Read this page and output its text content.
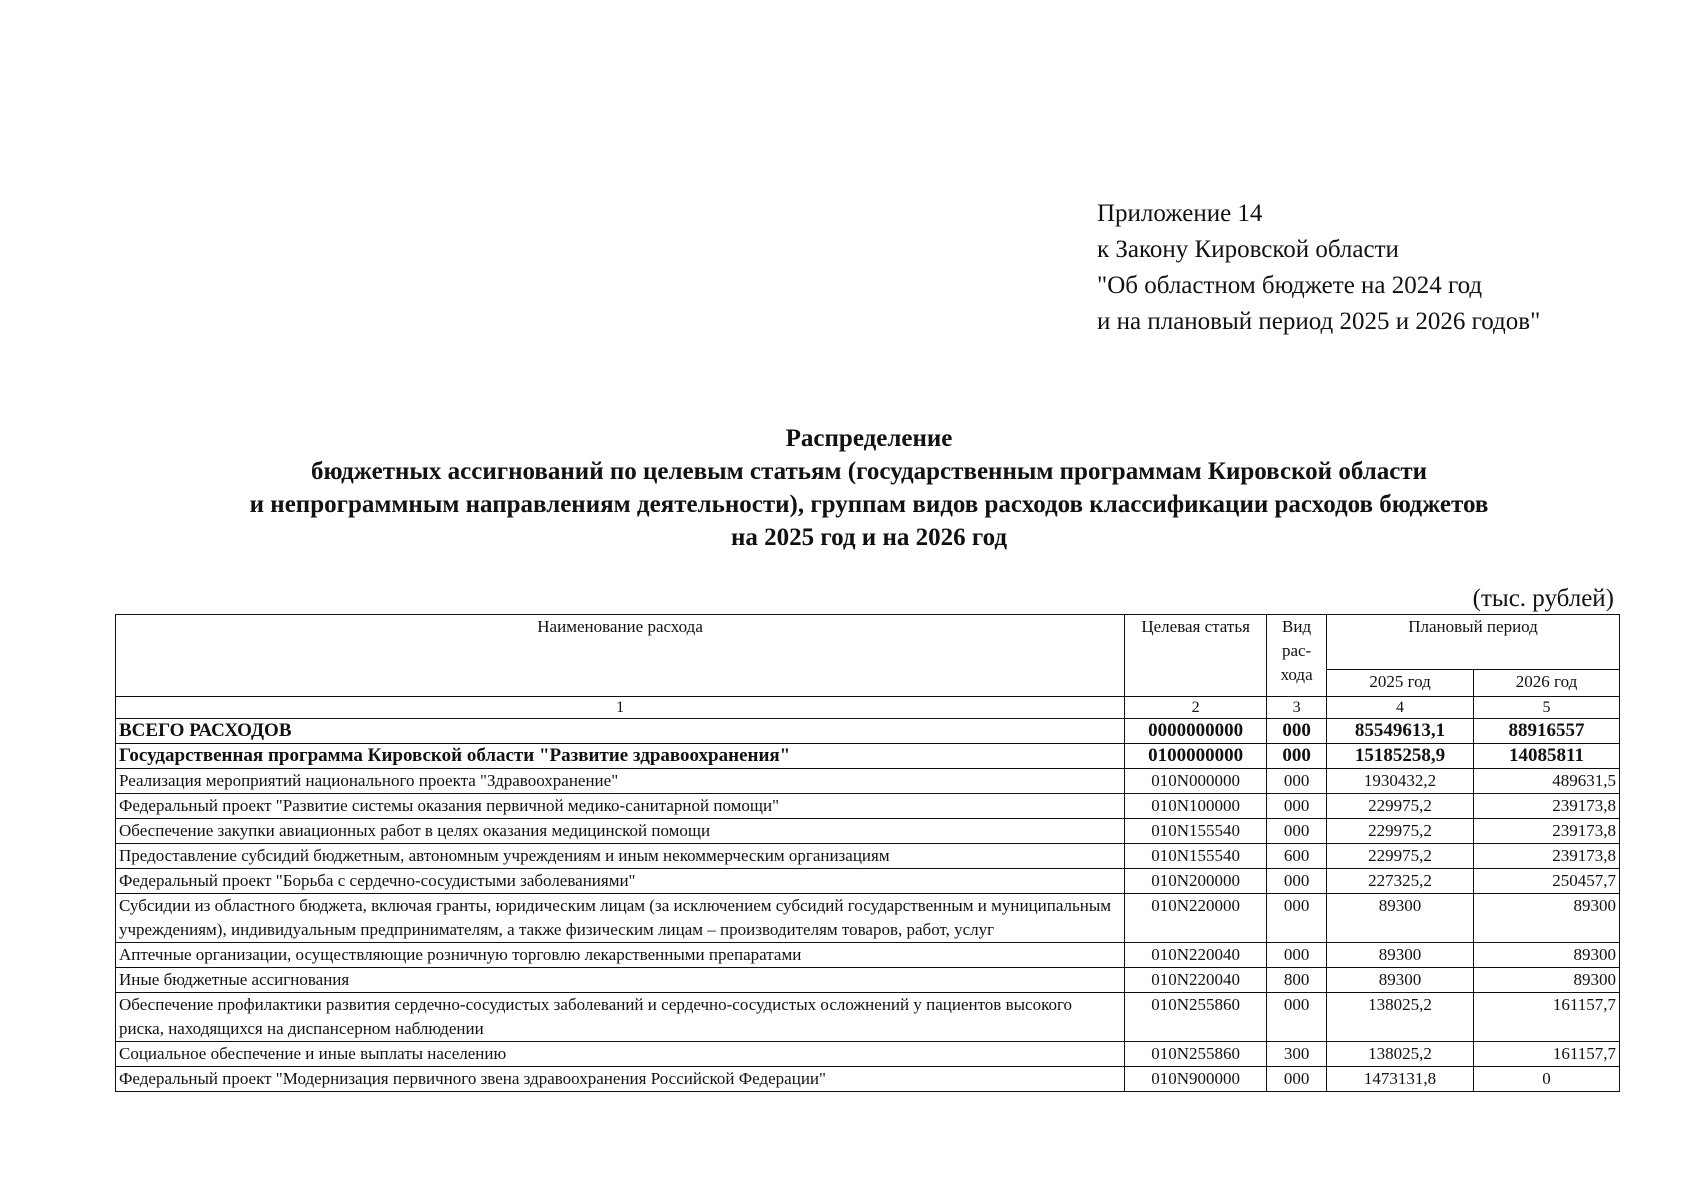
Приложение 14
к Закону Кировской области
"Об областном бюджете на 2024 год
и на плановый период 2025 и 2026 годов"
Распределение
бюджетных ассигнований по целевым статьям (государственным программам Кировской области
и непрограммным направлениям деятельности), группам видов расходов классификации расходов бюджетов
на 2025 год и на 2026 год
(тыс. рублей)
Наименование расхода	Целевая статья	Вид рас- хода	Плановый период	
			2025 год	2026 год
1	2	3	4	5
ВСЕГО РАСХОДОВ	0000000000	000	85549613,1	88916557
Государственная программа Кировской области "Развитие здравоохранения"	0100000000	000	15185258,9	14085811
Реализация мероприятий национального проекта "Здравоохранение"	010N000000	000	1930432,2	489631,5
Федеральный проект "Развитие системы оказания первичной медико-санитарной помощи"	010N100000	000	229975,2	239173,8
Обеспечение закупки авиационных работ в целях оказания медицинской помощи	010N155540	000	229975,2	239173,8
Предоставление субсидий бюджетным, автономным учреждениям и иным некоммерческим организациям	010N155540	600	229975,2	239173,8
Федеральный проект "Борьба с сердечно-сосудистыми заболеваниями"	010N200000	000	227325,2	250457,7
Субсидии из областного бюджета, включая гранты, юридическим лицам (за исключением субсидий государственным и муниципальным учреждениям), индивидуальным предпринимателям, а также физическим лицам – производителям товаров, работ, услуг	010N220000	000	89300	89300
Аптечные организации, осуществляющие розничную торговлю лекарственными препаратами	010N220040	000	89300	89300
Иные бюджетные ассигнования	010N220040	800	89300	89300
Обеспечение профилактики развития сердечно-сосудистых заболеваний и сердечно-сосудистых осложнений у пациентов высокого риска, находящихся на диспансерном наблюдении	010N255860	000	138025,2	161157,7
Социальное обеспечение и иные выплаты населению	010N255860	300	138025,2	161157,7
Федеральный проект "Модернизация первичного звена здравоохранения Российской Федерации"	010N900000	000	1473131,8	0
